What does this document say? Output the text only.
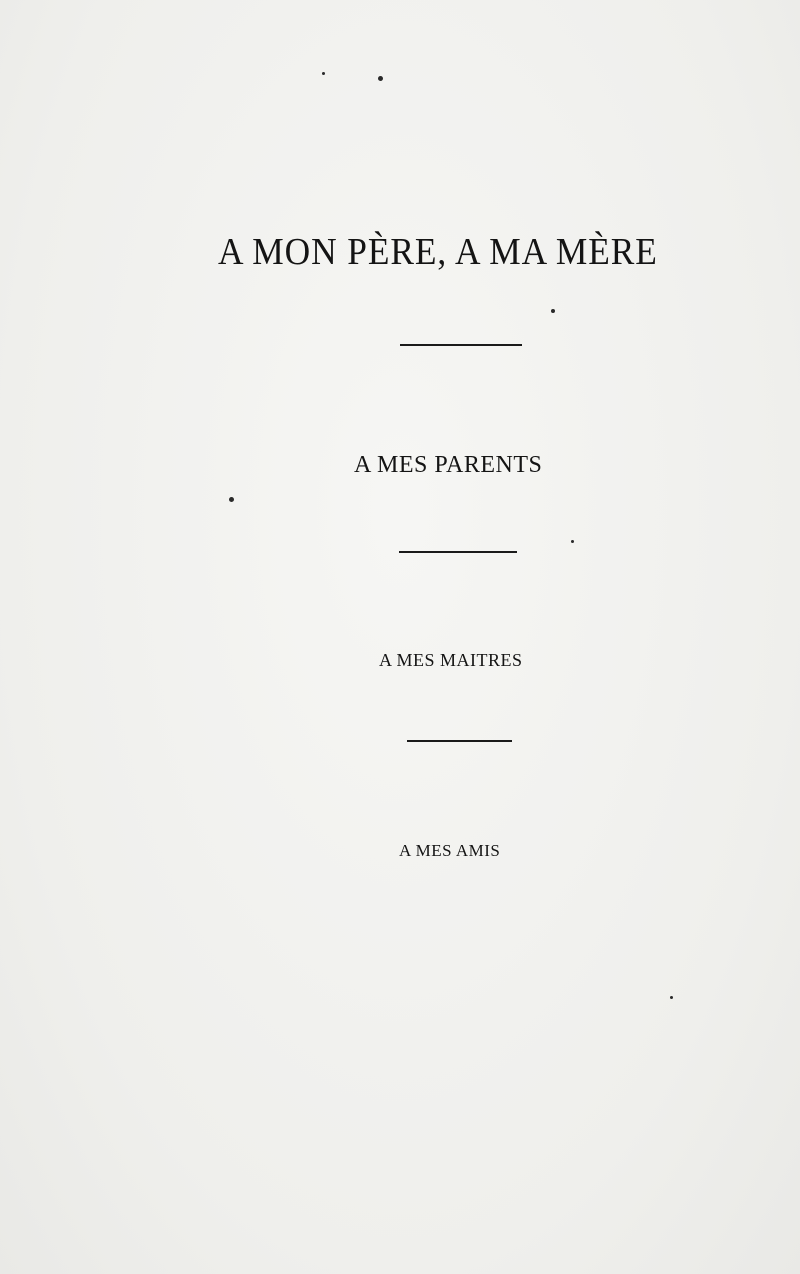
A MON PÈRE, A MA MÈRE
A MES PARENTS
A MES MAITRES
A MES AMIS
